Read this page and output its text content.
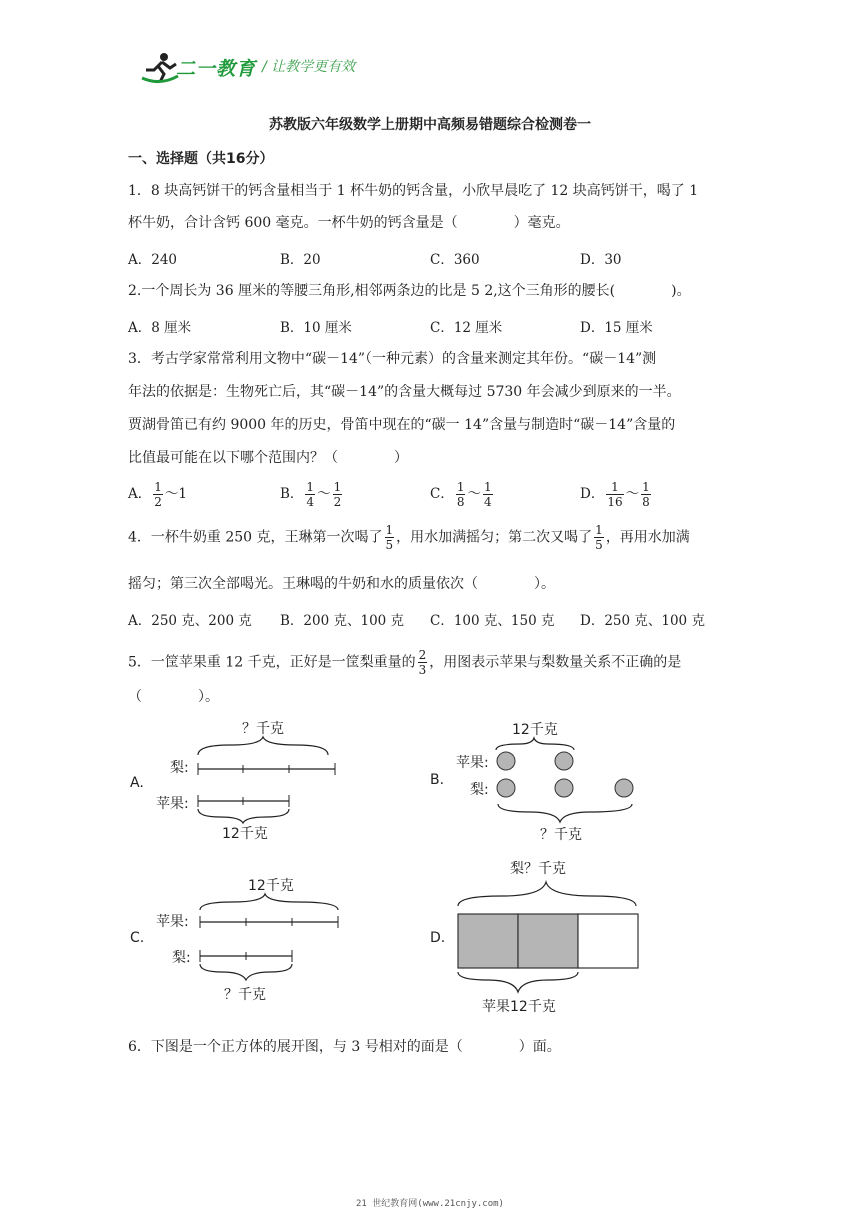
二一教育 / 让教学更有效
苏教版六年级数学上册期中高频易错题综合检测卷一
一、选择题（共16分）
1．8 块高钙饼干的钙含量相当于 1 杯牛奶的钙含量，小欣早晨吃了 12 块高钙饼干，喝了 1
杯牛奶，合计含钙 600 毫克。一杯牛奶的钙含量是（　　　　）毫克。
A．240	B．20	C．360	D．30
2.一个周长为 36 厘米的等腰三角形,相邻两条边的比是 5 2,这个三角形的腰长(　　　　)。
A．8 厘米	B．10 厘米	C．12 厘米	D．15 厘米
3．考古学家常常利用文物中“碳－14”（一种元素）的含量来测定其年份。“碳－14”测
年法的依据是：生物死亡后，其“碳－14”的含量大概每过 5730 年会减少到原来的一半。
贾湖骨笛已有约 9000 年的历史，骨笛中现在的“碳一 14”含量与制造时“碳－14”含量的
比值最可能在以下哪个范围内？（　　　　）
A． $\frac{1}{2}$ ～1	B． $\frac{1}{4}$ ～ $\frac{1}{2}$	C． $\frac{1}{8}$ ～ $\frac{1}{4}$	D． $\frac{1}{16}$ ～ $\frac{1}{8}$
4．一杯牛奶重 250 克，王琳第一次喝了 $\frac{1}{5}$ ，用水加满摇匀；第二次又喝了 $\frac{1}{5}$ ，再用水加满
摇匀；第三次全部喝光。王琳喝的牛奶和水的质量依次（　　　　）。
A．250 克、200 克 B．200 克、100 克 C．100 克、150 克 D．250 克、100 克
5．一筐苹果重 12 千克，正好是一筐梨重量的 $\frac{2}{3}$ ，用图表示苹果与梨数量关系不正确的是
（　　　　）。
A.
？千克
梨:
苹果:
12千克
B.
12千克
苹果:
梨:
？千克
C.
12千克
苹果:
梨:
？千克
D.
梨？千克
苹果12千克
6．下图是一个正方体的展开图，与 3 号相对的面是（　　　　）面。
21 世纪教育网(www.21cnjy.com)
